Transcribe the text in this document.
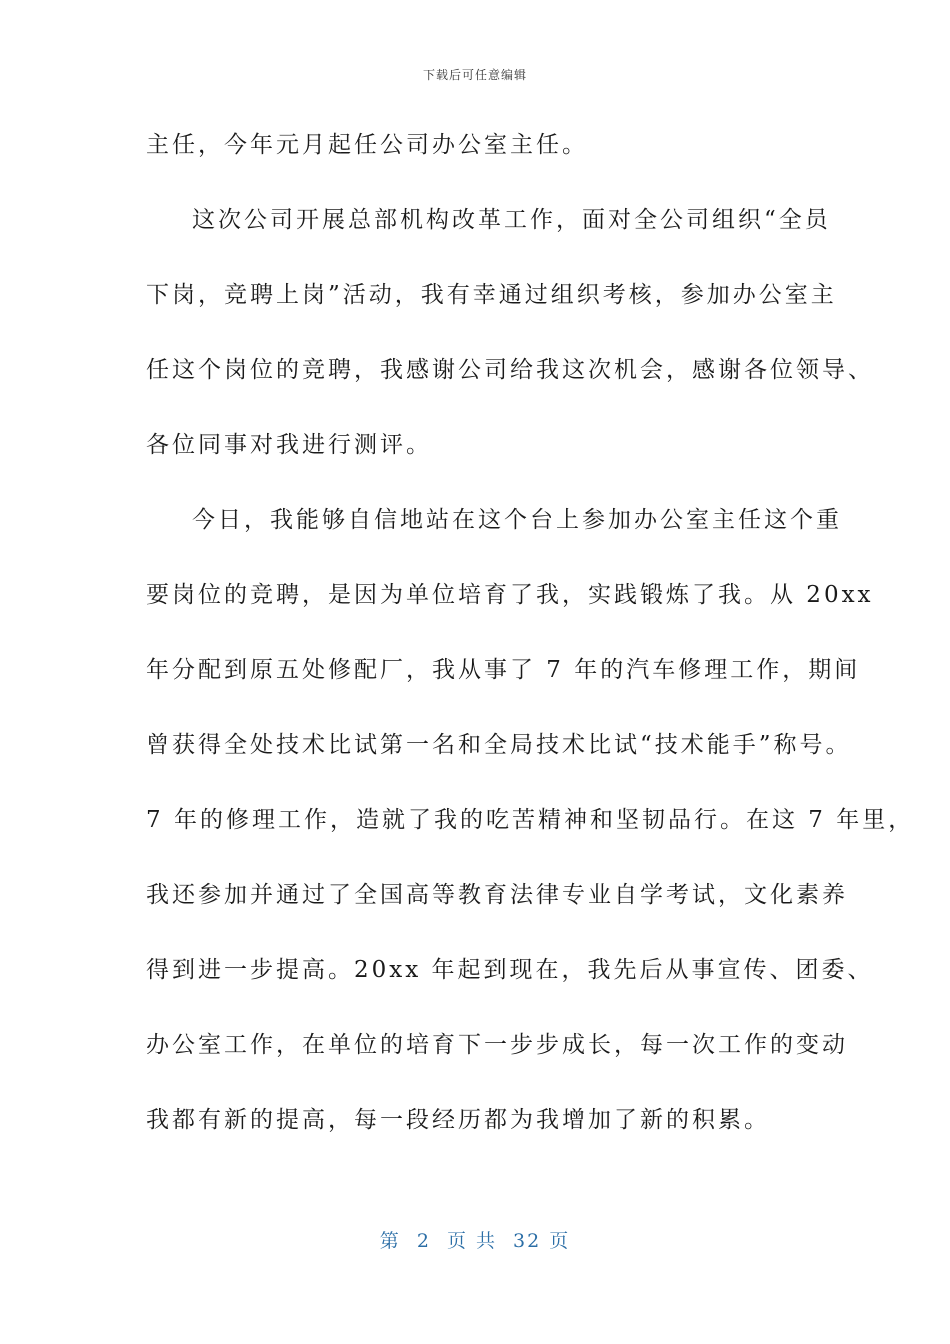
下载后可任意编辑
主任，今年元月起任公司办公室主任。
这次公司开展总部机构改革工作，面对全公司组织“全员
下岗，竞聘上岗”活动，我有幸通过组织考核，参加办公室主
任这个岗位的竞聘，我感谢公司给我这次机会，感谢各位领导、
各位同事对我进行测评。
今日，我能够自信地站在这个台上参加办公室主任这个重
要岗位的竞聘，是因为单位培育了我，实践锻炼了我。从 20xx
年分配到原五处修配厂，我从事了 7 年的汽车修理工作，期间
曾获得全处技术比试第一名和全局技术比试“技术能手”称号。
7 年的修理工作，造就了我的吃苦精神和坚韧品行。在这 7 年里，
我还参加并通过了全国高等教育法律专业自学考试，文化素养
得到进一步提高。20xx 年起到现在，我先后从事宣传、团委、
办公室工作，在单位的培育下一步步成长，每一次工作的变动
我都有新的提高，每一段经历都为我增加了新的积累。
第 2 页 共 32 页
